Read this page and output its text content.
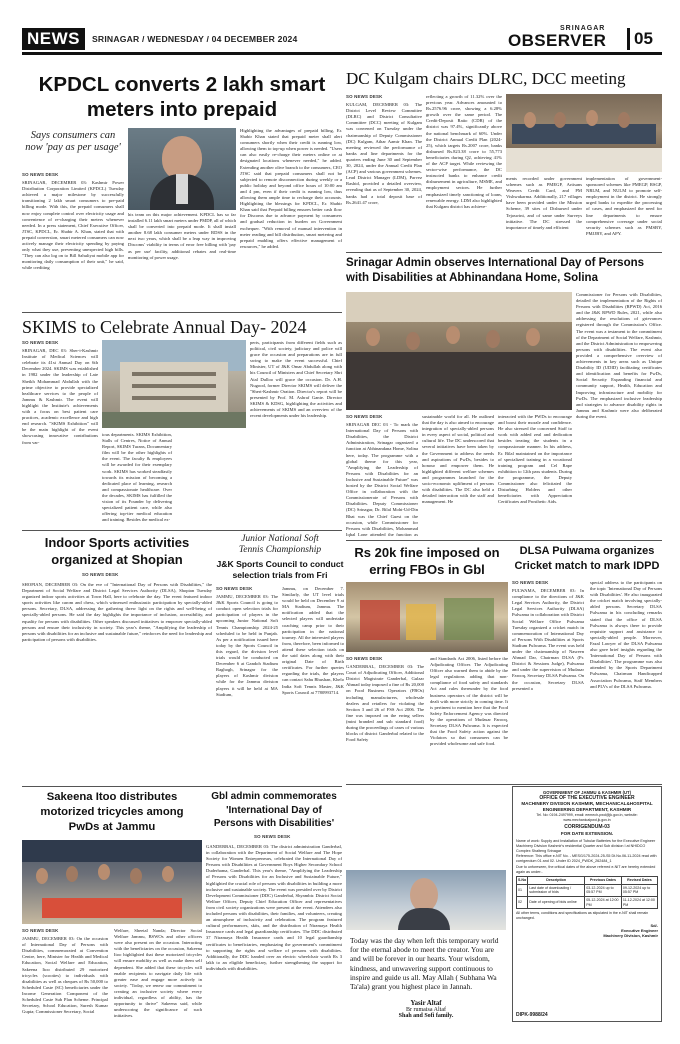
NEWS	SRINAGAR / WEDNESDAY / 04 DECEMBER 2024
SRINAGAR
OBSERVER	05
KPDCL converts 2 lakh smart
meters into prepaid
Says consumers can
now 'pay as per usage'
SO NEWS DESK
SRINAGAR, DECEMBER 03: Kashmir Power Distribution Corporation Limited (KPDCL) Tuesday achieved a major milestone by successfully transitioning 2 lakh smart consumers to pre-paid billing mode. With this, the prepaid consumers shall now enjoy complete control over electricity usage and convenience of re-charging their meters whenever needed. In a press statement, Chief Executive Officer, JTSC, KPDCL, Er. Shabir A. Khan, stated that with prepaid conversion, smart metered consumers can now actively manage their electricity spending by paying only what they use, preventing unexpected high bills. "They can also log on to Bill Sahuliyat mobile app for monitoring daily consumption of their unit," he said, while crediting
his team on this major achievement. KPDCL has so far installed 6.11 lakh smart meters under PMDP, all of which shall be converted into prepaid mode. It shall install another 8.68 lakh consumer meters under RDSS in the next two years, which shall be a leap way in improving Discoms' viability in terms of error free billing with 'pay as per use' facility, additional rebates and real-time monitoring of power usage.
Highlighting the advantages of prepaid billing, Er. Shabir Khan stated that prepaid meter shall alert consumers shortly when their credit is running low, allowing them to top-up when power is needed. "Users can also easily re-charge their meters online or at designated locations whenever needed," he added. Extending another olive branch to the consumers, CEO JTSC said that prepaid consumers shall not be subjected to remote disconnection during weekly or a public holiday and beyond office hours of 10:00 am and 4 pm, even if their credit is running low, thus allowing them ample time to recharge their accounts. Highlighting the blessings for KPDCL, Er. Shabir Khan said that Prepaid billing ensures better cash flow for Discoms due to advance payment by consumers and gradual reduction in burden on Government exchequer. "With removal of manual intervention in meter reading and bill distribution, smart metering and prepaid enabling offers effective management of resources," he added.
DC Kulgam chairs DLRC, DCC meeting
SO NEWS DESK
KULGAM, DECEMBER 03: The District Level Review Committee (DLRC) and District Consultative Committee (DCC) meeting of Kulgam was convened on Tuesday under the chairmanship of Deputy Commissioner (DC) Kulgam, Athar Aamir Khan. The meeting reviewed the performance of banks and line departments for the quarters ending June 30 and September 30, 2024, under the Annual Credit Plan (ACP) and various government schemes. Lead District Manager (LDM), Parvez Rashid, provided a detailed overview, revealing that as of September 30, 2024, banks had a total deposit base of Rs.2641.47 crore,
reflecting a growth of 11.32% over the previous year. Advances amounted to Rs.2576.96 crore, showing a 6.28% growth over the same period. The Credit-Deposit Ratio (CDR) of the district was 97.4%, significantly above the national benchmark of 60%. Under the District Annual Credit Plan (2024-25), which targets Rs.2007 crore, banks disbursed Rs.823.38 crore to 55,773 beneficiaries during Q2, achieving 41% of the ACP target. While reviewing the sector-wise performance, the DC instructed banks to enhance credit disbursement in agriculture, MSME, and employment sectors. He further emphasized timely sanctioning of loans, renewable energy. LDM also highlighted that Kulgam district has achieve-
ments recorded under government schemes such as PMEGP, Artisans Weavers Credit Card, and PM Vishwakarma. Additionally, 217 villages have been provided under the Mission Scheme, 39 sites of Disbursed under Tejaswini, and of same under Surveys initiative. The DC stressed the importance of timely and efficient
implementation of government-sponsored schemes like PMEGP, RSGP, NRLM, and NULM to promote self-employment in the district. He strongly urged banks to expedite the processing of cases, and emphasized the need for line departments to ensure comprehensive coverage under social security schemes such as PMSBY, PMJJBY, and APY.
SKIMS to Celebrate Annual Day- 2024
SO NEWS DESK
SRINAGAR, DEC 03: Sher-i-Kashmir Institute of Medical Sciences will celebrate its 41st Annual Day on 6th December 2024. SKIMS was established in 1982 under the leadership of Late Sheikh Mohammad Abdullah with the prime objective to provide specialized healthcare services to the people of Jammu & Kashmir. The event will highlight the Institute's achievements with a focus on best patient care practices, academic excellence and high end research. "SKIMS Exhibition" will be the main highlight of the event showcasing innovative contributions from var-
ious departments. SKIMS Exhibition, Stalls of Centres, Notice of Annual Report, SKIMS Turans, Documentary film will be the other highlights of the event. The faculty & employees will be awarded for their exemplary work. SKIMS has worked steadfastly towards its mission of becoming a dedicated place of learning, research and compassionate healthcare. Over the decades, SKIMS has fulfilled the vision of its Founder by delivering specialized patient care, while also offering top-tier medical education and training. Besides the medical ex-
perts, participants from different fields such as political, civil society, judiciary and police will grace the occasion and preparations are in full swing to make the event successful. Chief Minister, UT of J&K Omar Abdullah along with his Council of Ministers and Chief Secretary Shri Atal Dulloo will grace the occasion. Dr. A.H. Nugood, former Director SKIMS will deliver the "Sheri-Kashmir Oration. Director's report will be presented by Prof. M. Ashraf Ganie. Director SKIMS & KDSG, highlighting the activities and achievements of SKIMS and an overview of the recent developments under his leadership.
Srinagar Admin observes International Day of Persons
with Disabilities at Abhinandana Home, Solina
SO NEWS DESK
SRINAGAR DEC 03 - To mark the International Day of Persons with Disabilities, the District Administration, Srinagar organized a function at Abhinandana Home, Solina here, today. The programme with a global theme for this year, "Amplifying the Leadership of Persons with Disabilities for an Inclusive and Sustainable Future" was hosted by the District Social Welfare Office in collaboration with the Commissionerate of Persons with Disabilities. Deputy Commissioner (DC) Srinagar, Dr. Bilal Mohi-Ud-Din Bhat was the Chief Guest on the occasion, while Commissioner for Persons with Disabilities, Mohammad Iqbal Lone attended the function as
sustainable world for all. He outlined that the day is also aimed to encourage integration of specially-abled persons in every aspect of social, political and cultural life. The DC underscored that several initiatives have been taken by the Government to address the needs and aspirations of PwDs, besides to honour and empower them. He highlighted different welfare schemes and programmes launched for the socio-economic upliftment of persons with disabilities. The DC also held a detailed interaction with the staff and management. He
interacted with the PWDs to encourage and boost their morale and confidence. He also stressed the concerned Staff to work with added zeal and dedication besides treating the students in a compassionate manner. In his address, Er. Bilal maintained on the importance of specialized training in a vocational training program and Cel Rape exhibition to 12th pass students. During the programme, the Deputy Commissioner also felicitated the Disturbing Holders and other beneficiaries with Appreciation Certificates and Prosthetic Aids.
Commissioner for Persons with Disabilities, detailed the implementation of the Rights of Persons with Disabilities (RPWD) Act, 2016 and the J&K RPWD Rules, 2021, while also addressing the resolutions of grievances registered through the Commission's Office. The event was a testament to the commitment of the Department of Social Welfare, Kashmir, and the District Administration to empowering persons with disabilities. The event also provided a comprehensive overview of achievements in key areas such as Unique Disability ID (UDID) facilitating certificates and identification and benefits for PwDs, Social Security Expanding financial and community support, Health, Education and Improving infrastructure and mobility for PwDs. The emphasized inclusive leadership and strategies to advance disability rights in Jammu and Kashmir were also deliberated during the event.
Indoor Sports activities
organized at Shopian
SO NEWS DESK
SHOPIAN, DECEMBER 03: On the eve of "International Day of Persons with Disabilities," the Department of Social Welfare and District Legal Services Authority (DLSA), Shopian Tuesday organized indoor sports activities at Town Hall, here to celebrate the day. The event featured indoor sports activities like carom and chess, which witnessed enthusiastic participation by specially-abled persons. Secretary, DLSA, addressing the gathering threw light on the rights and well-being of specially-abled persons. He said the day highlights the importance of inclusion, accessibility, and equality for persons with disabilities. Other speakers discussed initiatives to empower specially-abled persons and ensure their inclusivity in society. This year's theme, "Amplifying the leadership of persons with disabilities for an inclusive and sustainable future," reinforces the need for leadership and participation of persons with disabilities.
Junior National Soft
Tennis Championship
J&K Sports Council to conduct
selection trials from Fri
SO NEWS DESK
JAMMU, DECEMBER 03: The J&K Sports Council is going to conduct open selection trials for participation of players in the upcoming Junior National Soft Tennis Championship 2024-25 scheduled to be held in Punjab. As per a notification issued here today by the Sports Council in this regard, the division level trials would be conducted on December 6 at Gandoh Stadium Raghogh, Srinagar for the players of Kashmir division while for the Jammu division players it will be held at MA Stadium,
Jammu, on December 7. Similarly, the UT level trials would be held on December 9 at MA Stadium, Jammu. The notification added that the selected players will undertake coaching camp prior to their participation in the national tourney. All the interested players from, therefore, been informed to attend these selection trials on the said dates along with their original Date of Birth certificates. For further queries regarding the trials, the players can contact Sahu Bhushan, Khelo India Soft Tennis Master, J&K Sports Council at 7780993714.
Rs 20k fine imposed on
erring FBOs in Gbl
SO NEWS DESK
GANDERBAL, DECEMBER 03: The Court of Adjudicating Officer, Additional District Magistrate Ganderbal, Gulzar Ahmad today imposed a fine of Rs 20,000 on Food Business Operators (FBOs) including manufacturers, wholesale dealers and retailers for violating the Section 3 and 26 of FSS Act 2006. The fine was imposed on the erring sellers (mini branded and sub standard food) during the proceedings of cases of various blocks of district Ganderbal related to the Food Safety
and Standards Act 2006, listed before the Adjudicating Officer. The Adjudicating Officer also warned them to abide by the legal regulations adding that non-compliance of food safety and standards Act and rules thereunder by the food business operators of the district will be dealt with more strictly in coming time. It is pertinent to mention here that the Food Safety Enforcement Agency was directed by the operations of Mudasar Farooq, Secretary DLSA Pulwama. It is expected that the Food Safety action against the Violators so that consumers can be provided wholesome and safe food.
DLSA Pulwama organizes
Cricket match to mark IDPD
SO NEWS DESK
PULWAMA, DECEMBER 03: In compliance to the directions of J&K Legal Services Authority, the District Legal Services Authority (DLSA) Pulwama in collaboration with District Social Welfare Office Pulwama Tuesday organized a cricket match in commemoration of International Day of Persons With Disabilities at Sports Stadium Pulwama. The event was held under the chairmanship of Nasreen Ahmad Dar, Chairman DLSA (Pr. District & Sessions Judge), Pulwama and under the supervision of Mudasar Farooq, Secretary DLSA Pulwama. On the occasion, Secretary DLSA presented a
special address to the participants on the topic 'International Day of Persons with Disabilities'. He also inaugurated the cricket match involving specially-abled persons. Secretary DLSA Pulwama in his concluding remarks stated that the office of DLSA Pulwama is always there to provide requisite support and assistance to specially-abled people. Moreover, Fazal Lawyer of the DLSA Pulwama also gave brief insights regarding the 'International Day of Persons with Disabilities'. The programme was also attended by the Sports Department Pulwama, Chairman Handicapped Association Pulwama, Staff Members and PLVs of the DLSA Pulwama.
Sakeena Itoo distributes
motorized tricycles among
PwDs at Jammu
SO NEWS DESK
JAMMU, DECEMBER 03: On the occasion of International Day of Persons with Disabilities, commemorated at Convention Centre, here, Minister for Health and Medical Education, Social Welfare and Education, Sakeena Itoo distributed 29 motorized tricycles (scooties) to individuals with disabilities as well as cheques of Rs 50,000 to Scheduled Caste (SC) beneficiaries under the Income Generation Component of the Scheduled Caste Sub Plan Scheme. Principal Secretary, School Education, Suresh Kumar Gupta; Commissioner Secretary, Social
Welfare, Sheetal Nanda; Director Social Welfare Jammu, BSWOs and other officers were also present on the occasion. Interacting with the beneficiaries on the occasion, Sakeena Itoo highlighted that these motorized tricycles will ensure mobility as well as make them self dependent. She added that these tricycles will enable recipients to navigate daily life with greater ease and engage more actively in society. "Today, we renew our commitment to creating an inclusive society where every individual, regardless of ability, has the opportunity to thrive" Sakeena said, while underscoring the significance of such initiatives.
Gbl admin commemorates
'International Day of
Persons with Disabilities'
SO NEWS DESK
GANDERBAL, DECEMBER 03: The district administration Ganderbal, in collaboration with the Department of Social Welfare and The Hope Society for Women Entrepreneurs, celebrated the International Day of Persons with Disabilities at Government Boys Higher Secondary School Duderhama, Ganderbal. This year's theme, "Amplifying the Leadership of Persons with Disabilities for an Inclusive and Sustainable Future," highlighted the crucial role of persons with disabilities in building a more inclusive and sustainable society. The event was presided over by District Development Commissioner (DDC) Ganderbal, Shyambir. District Social Welfare Officer, Deputy Chief Education Officer and representatives from civil society organizations were present at the event. Attendees also included persons with disabilities, their families, and volunteers, creating an atmosphere of inclusivity and celebration. The program featured cultural performances, skits, and the distribution of Niramaya Health Insurance cards and legal guardianship certificates. The DDC distributed 37 Niramaya Health Insurance cards and 10 legal guardianship certificates to beneficiaries, emphasizing the government's commitment to supporting the rights and welfare of persons with disabilities. Additionally, the DDC handed over an electric wheelchair worth Rs 3 lakh to an eligible beneficiary, further strengthening the support for individuals with disabilities.
Today was the day when left this temporary world for the eternal abode to meet the creator. You are and will be forever in our hearts. Your wisdom, kindness, and unwavering support continuous to inspire and guide us all. May Allah ( Subhana Wa Ta'ala) grant you highest place in Jannah.
Yasir Altaf
Br rumaisa Altaf
Shah and Sofi family.
GOVERNMENT OF JAMMU & KASHMIR (UT)
OFFICE OF THE EXECUTIVE ENGINEER
MACHINERY DIVISION KASHMIR, MECHANICAL&HOSPITAL
ENGINEERING DEPARTMENT, KASHMIR
Tel. No: 0194-2497999, email: eemech-pwd@jk.gov.in, website: www.mechanicalpwd.jk.gov.in
CORRIGENDUM-03
FOR DATE EXTENSION.
Name of work: Supply and Installation of Tubular Batteries for the Executive Engineer Machinery Division Kashmir's residential Quarter and Sub division I at NHIDCO Complex Shalteng Srinagar
Reference: This office e-NIT No. - MESG/175-2024-25-S5 Dt.No.06-11-2024 read with corrigendum 01 and 02. Under ID 2024_PWDK_262484_1
Due to unforeseen, the critical dates of the above referred e-NIT are hereby extended again as under:-
S.No	Description	Previous Dates	Revised Dates
01	Last date of downloading / submission of bids	03-12-2024 up to 05:57 PM	09-12-2024 up to 05:57 PM
02	Date of opening of bids online	05-12-2024 at 12:00 PM	11-12-2024 at 12:00 PM
All other terms, conditions and specifications as stipulated in the e-NIT shall remain unchanged.
Sd/-
Executive Engineer
Machinery Division, Kashmir
DIPK-9988/24
